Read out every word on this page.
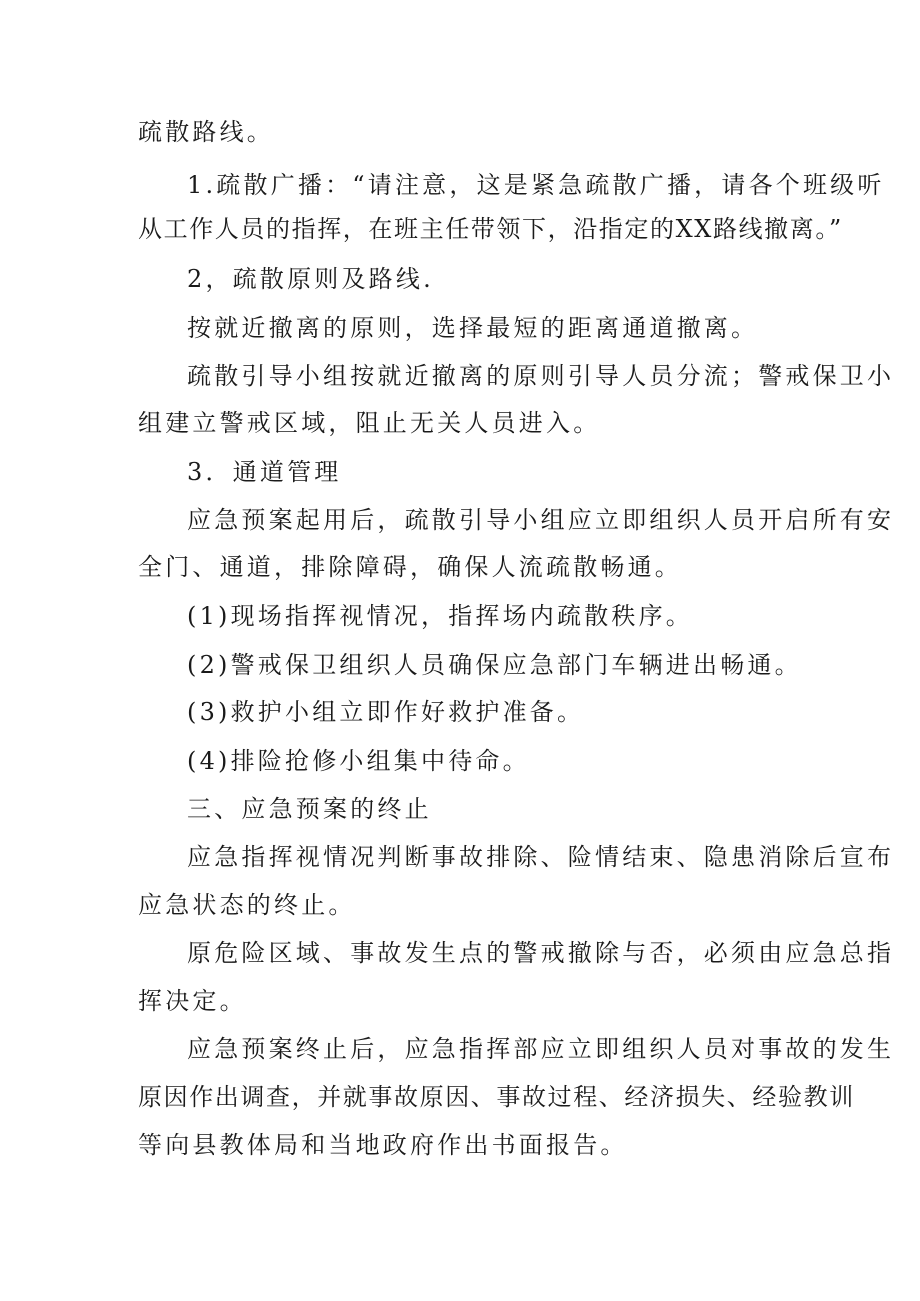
疏散路线。
1.疏散广播：“请注意，这是紧急疏散广播，请各个班级听
从工作人员的指挥，在班主任带领下，沿指定的XX路线撤离。”
2，疏散原则及路线.
按就近撤离的原则，选择最短的距离通道撤离。
疏散引导小组按就近撤离的原则引导人员分流；警戒保卫小
组建立警戒区域，阻止无关人员进入。
3．通道管理
应急预案起用后，疏散引导小组应立即组织人员开启所有安
全门、通道，排除障碍，确保人流疏散畅通。
(1)现场指挥视情况，指挥场内疏散秩序。
(2)警戒保卫组织人员确保应急部门车辆进出畅通。
(3)救护小组立即作好救护准备。
(4)排险抢修小组集中待命。
三、应急预案的终止
应急指挥视情况判断事故排除、险情结束、隐患消除后宣布
应急状态的终止。
原危险区域、事故发生点的警戒撤除与否，必须由应急总指
挥决定。
应急预案终止后，应急指挥部应立即组织人员对事故的发生
原因作出调查，并就事故原因、事故过程、经济损失、经验教训
等向县教体局和当地政府作出书面报告。
